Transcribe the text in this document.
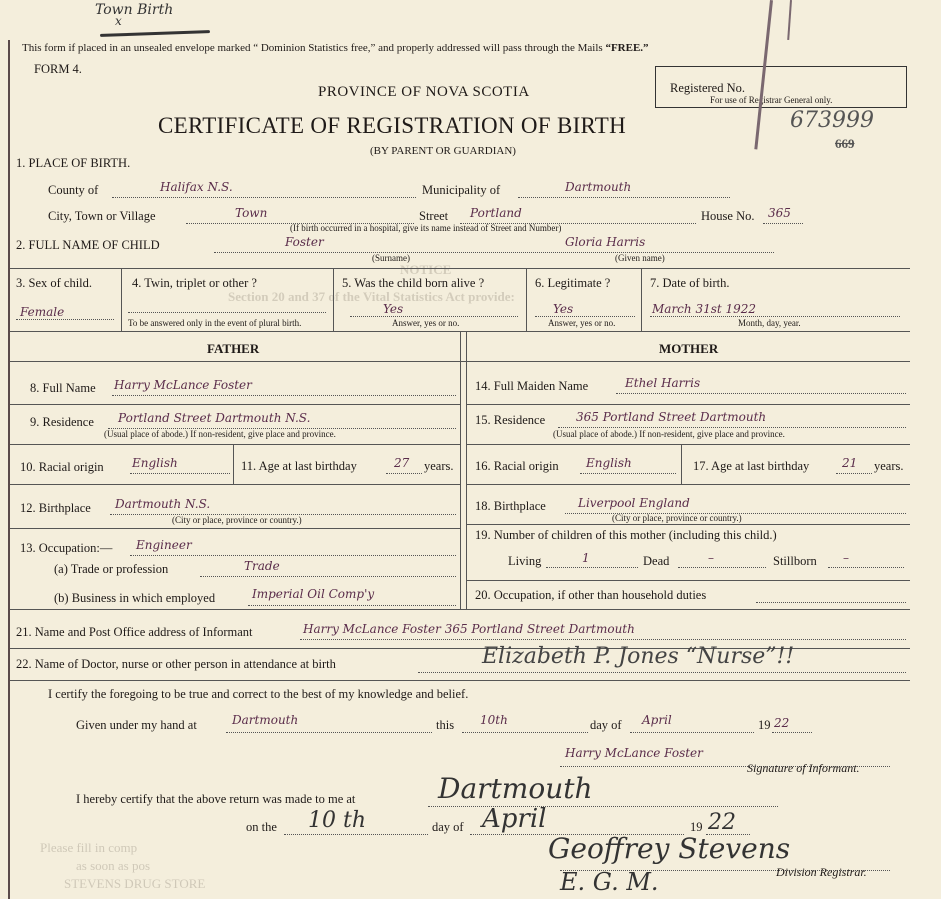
Town Birth
x
This form if placed in an unsealed envelope marked “ Dominion Statistics free,” and properly addressed will pass through the Mails “FREE.”
FORM 4.
PROVINCE OF NOVA SCOTIA	Registered No.
For use of Registrar General only.
673999
669
CERTIFICATE OF REGISTRATION OF BIRTH
(BY PARENT OR GUARDIAN)
1. PLACE OF BIRTH.
County of	Halifax N.S.	Municipality of	Dartmouth
City, Town or Village	Town	Street Portland	House No. 365
(If birth occurred in a hospital, give its name instead of Street and Number)
2. FULL NAME OF CHILD	Foster	Gloria Harris
(Surname)	(Given name)
NOTICE
Section 20 and 37 of the Vital Statistics Act provide:
3. Sex of child.
Female
4. Twin, triplet or other ?
To be answered only in the event of plural birth.
5. Was the child born alive ?
Yes
Answer, yes or no.
6. Legitimate ?
Yes
Answer, yes or no.
7. Date of birth.
March 31st 1922
Month, day, year.
FATHER	MOTHER
8. Full Name Harry McLance Foster
9. Residence Portland Street Dartmouth N.S.
(Usual place of abode.) If non-resident, give place and province.
10. Racial origin English	11. Age at last birthday	27 years.
12. Birthplace Dartmouth N.S.
(City or place, province or country.)
13. Occupation:— Engineer
(a) Trade or profession	Trade
(b) Business in which employed	Imperial Oil Comp'y
14. Full Maiden Name	Ethel Harris
15. Residence	365 Portland Street Dartmouth
(Usual place of abode.) If non-resident, give place and province.
16. Racial origin English	17. Age at last birthday	21 years.
18. Birthplace	Liverpool England
(City or place, province or country.)
19. Number of children of this mother (including this child.)
Living	1	Dead	–	Stillborn –
20. Occupation, if other than household duties
21. Name and Post Office address of Informant	Harry McLance Foster 365 Portland Street Dartmouth
22. Name of Doctor, nurse or other person in attendance at birth	Elizabeth P. Jones “Nurse”!!
I certify the foregoing to be true and correct to the best of my knowledge and belief.
Given under my hand at	Dartmouth	this 10th	day of April	19 22
Harry McLance Foster
Signature of Informant.
I hereby certify that the above return was made to me at	Dartmouth
on the 10 th	day of April	19 22
Geoffrey Stevens
Division Registrar.
E. G. M.
Please fill in comp
as soon as pos
STEVENS DRUG STORE
